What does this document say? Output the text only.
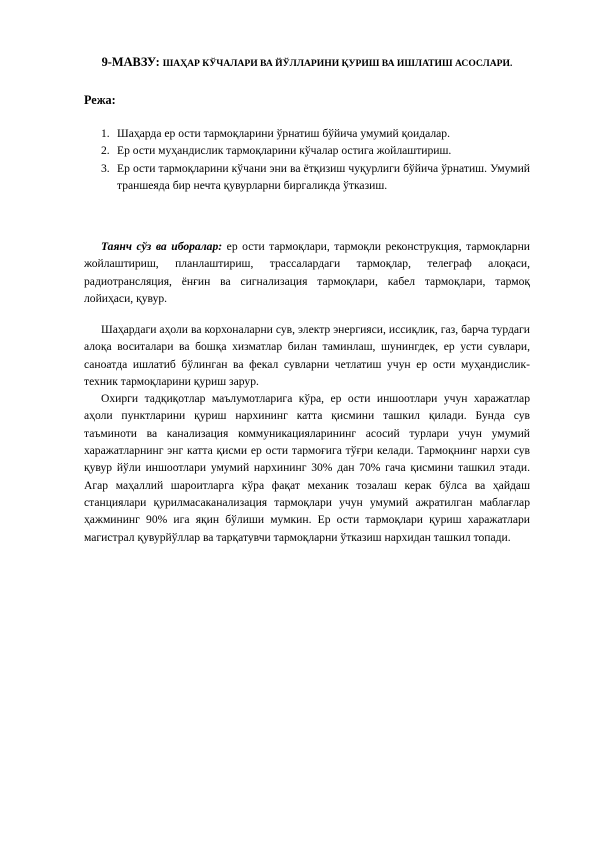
9-МАВЗУ: ШАҲАР КЎЧАЛАРИ ВА ЙЎЛЛАРИНИ ҚУРИШ ВА ИШЛАТИШ АСОСЛАРИ.
Режа:
1. Шаҳарда ер ости тармоқларини ўрнатиш бўйича умумий қоидалар.
2. Ер ости муҳандислик тармоқларини кўчалар остига жойлаштириш.
3. Ер ости тармоқларини кўчани эни ва ётқизиш чуқурлиги бўйича ўрнатиш. Умумий траншеяда бир нечта қувурларни биргаликда ўтказиш.

Таянч сўз ва иборалар: ер ости тармоқлари, тармоқли реконструкция, тармоқларни жойлаштириш, планлаштириш, трассалардаги тармоқлар, телеграф алоқаси, радиотрансляция, ёнғин ва сигнализация тармоқлари, кабел тармоқлари, тармоқ лойиҳаси, қувур.

Шаҳардаги аҳоли ва корхоналарни сув, электр энергияси, иссиқлик, газ, барча турдаги алоқа воситалари ва бошқа хизматлар билан таминлаш, шунингдек, ер усти сувлари, саноатда ишлатиб бўлинган ва фекал сувларни четлатиш учун ер ости муҳандислик-техник тармоқларини қуриш зарур.

Охирги тадқиқотлар маълумотларига кўра, ер ости иншоотлари учун харажатлар аҳоли пунктларини қуриш нархининг катта қисмини ташкил қилади. Бунда сув таъминоти ва канализация коммуникацияларининг асосий турлари учун умумий харажатларнинг энг катта қисми ер ости тармоғига тўғри келади. Тармоқнинг нархи сув қувур йўли иншоотлари умумий нархининг 30% дан 70% гача қисмини ташкил этади. Агар маҳаллий шароитларга кўра фақат механик тозалаш керак бўлса ва ҳайдаш станциялари қурилмасаканализация тармоқлари учун умумий ажратилган маблағлар ҳажмининг 90% ига яқин бўлиши мумкин. Ер ости тармоқлари қуриш харажатлари магистрал қувурйўллар ва тарқатувчи тармоқларни ўтказиш нархидан ташкил топади.
